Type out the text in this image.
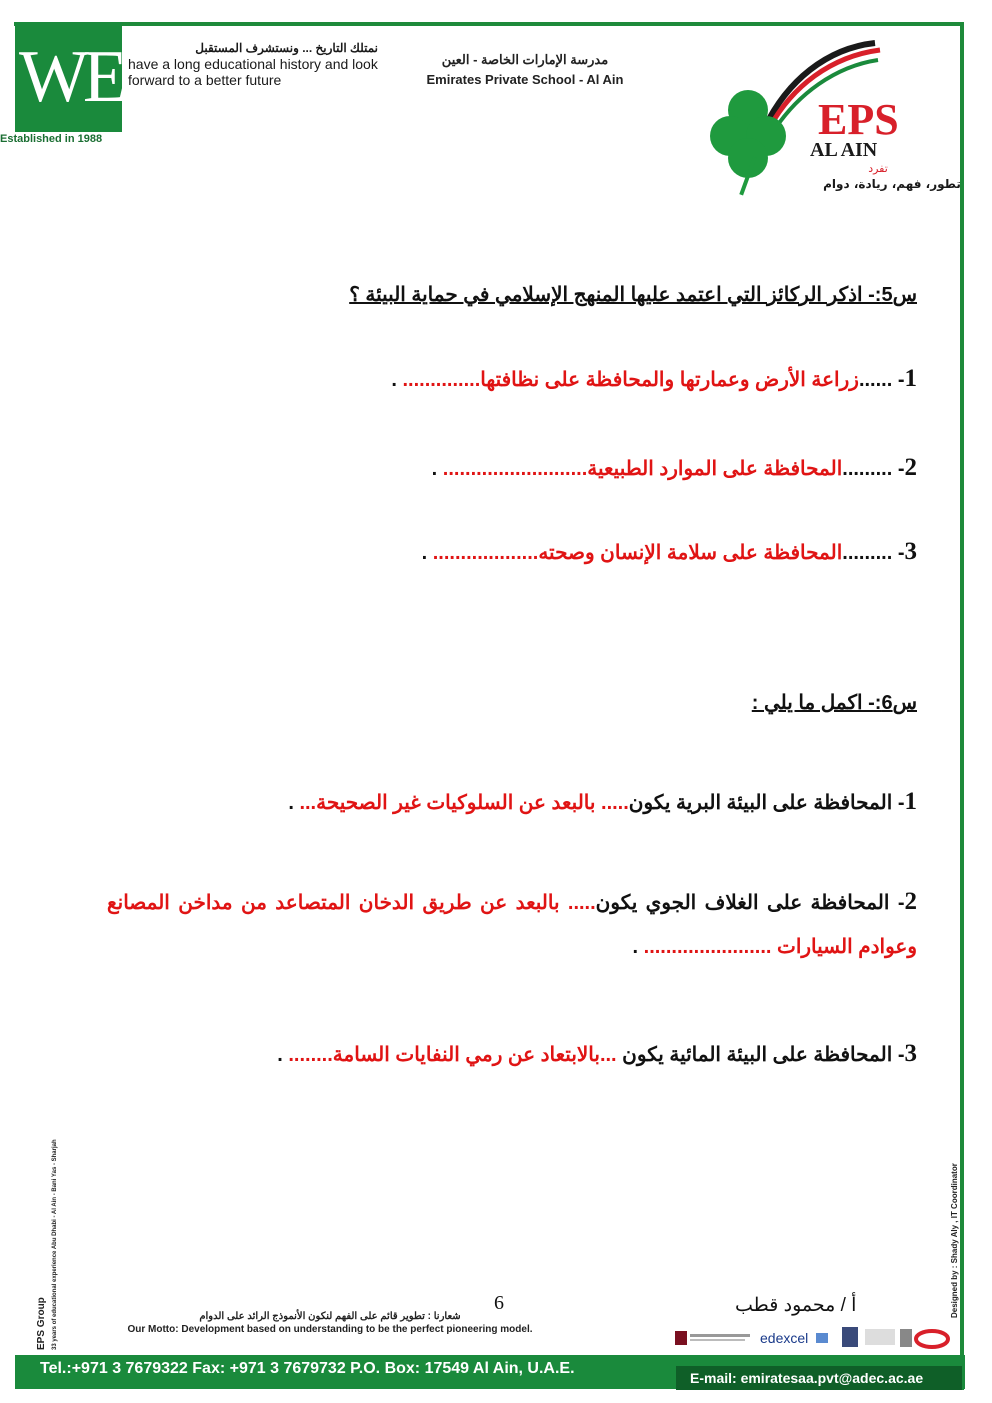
WE
Established in 1988
نمتلك التاريخ ... ونستشرف المستقبل
have a long educational history and look forward to a better future
مدرسة الإمارات الخاصة - العين
Emirates Private School - Al Ain
EPS
AL AIN
تفرد
تطور، فهم، ريادة، دوام
س5:- اذكر الركائز التي اعتمد عليها المنهج الإسلامي في حماية البيئة ؟
1- ......زراعة الأرض وعمارتها والمحافظة على نظافتها.............. .
2- .........المحافظة على الموارد الطبيعية.......................... .
3- .........المحافظة على سلامة الإنسان وصحته................... .
س6:- اكمل ما يلي :
1- المحافظة على البيئة البرية يكون..... بالبعد عن السلوكيات غير الصحيحة... .
2- المحافظة على الغلاف الجوي يكون..... بالبعد عن طريق الدخان المتصاعد من مداخن المصانع وعوادم السيارات ....................... .
3- المحافظة على البيئة المائية يكون ...بالابتعاد عن رمي النفايات السامة........ .
EPS Group 33 years of educational experience Abu Dhabi - Al Ain - Bani Yas - Sharjah	Designed by : Shady Aly , IT Coordinator
6	أ / محمود قطب
شعارنا : تطوير قائم على الفهم لنكون الأنموذج الرائد على الدوام
Our Motto: Development based on understanding to be the perfect pioneering model.
edexcel
Tel.:+971 3 7679322 Fax: +971 3 7679732 P.O. Box: 17549 Al Ain, U.A.E.
E-mail: emiratesaa.pvt@adec.ac.ae
